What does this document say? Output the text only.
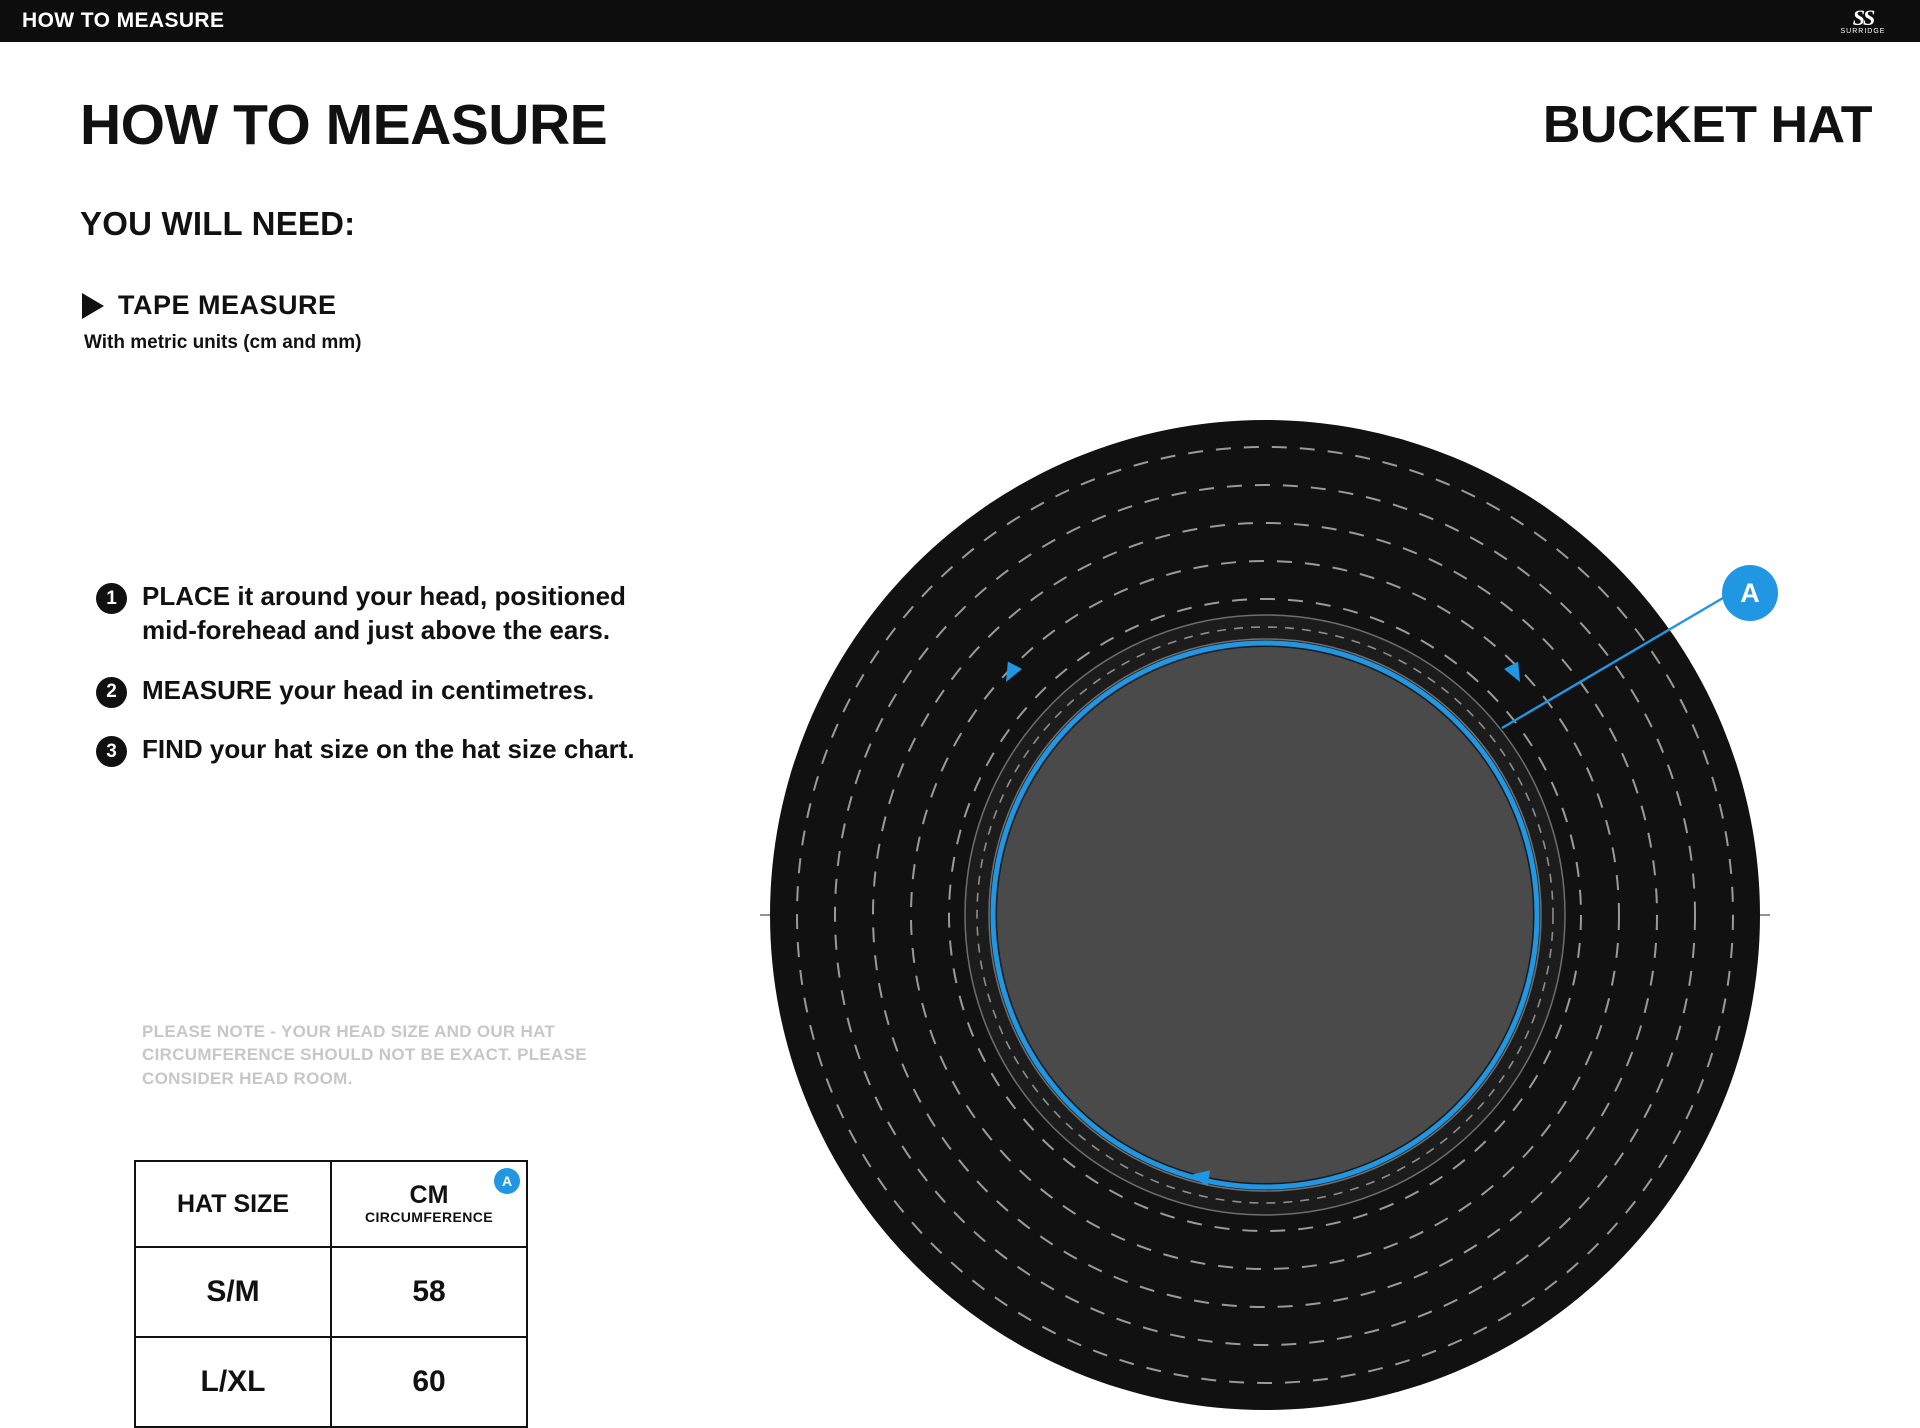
HOW TO MEASURE	SS
SURRIDGE
HOW TO MEASURE	BUCKET HAT
YOU WILL NEED:
TAPE MEASURE
With metric units (cm and mm)
1 PLACE it around your head, positioned mid-forehead and just above the ears.
2 MEASURE your head in centimetres.
3 FIND your hat size on the hat size chart.
PLEASE NOTE - YOUR HEAD SIZE AND OUR HAT CIRCUMFERENCE SHOULD NOT BE EXACT. PLEASE CONSIDER HEAD ROOM.
HAT SIZE	CM
CIRCUMFERENCE
A

S/M	58
L/XL	60
A
